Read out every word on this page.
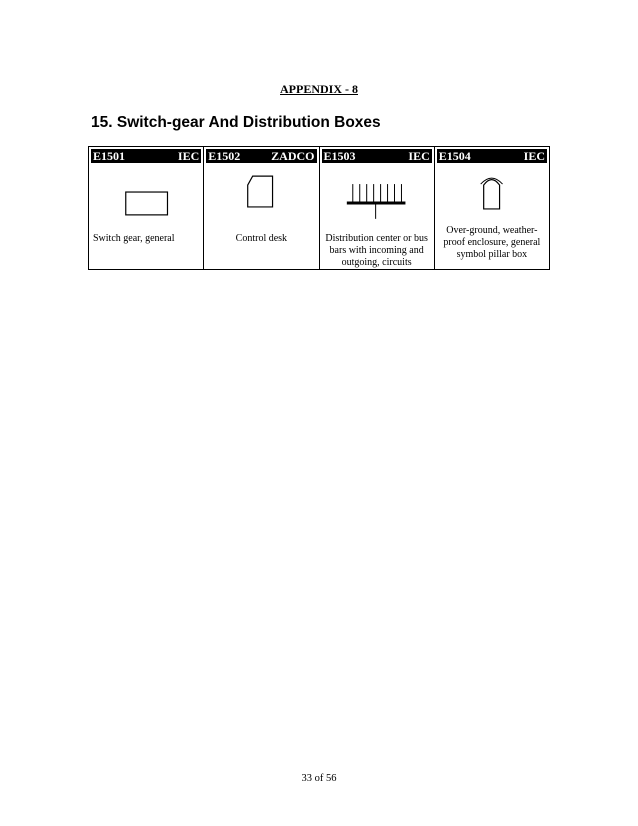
APPENDIX - 8
15. Switch-gear And Distribution Boxes
E1501	IEC
Switch gear, general
E1502	ZADCO
Control desk
E1503	IEC
Distribution center or bus bars with incoming and outgoing, circuits
E1504	IEC
Over-ground, weather-proof enclosure, general symbol pillar box
33 of 56
